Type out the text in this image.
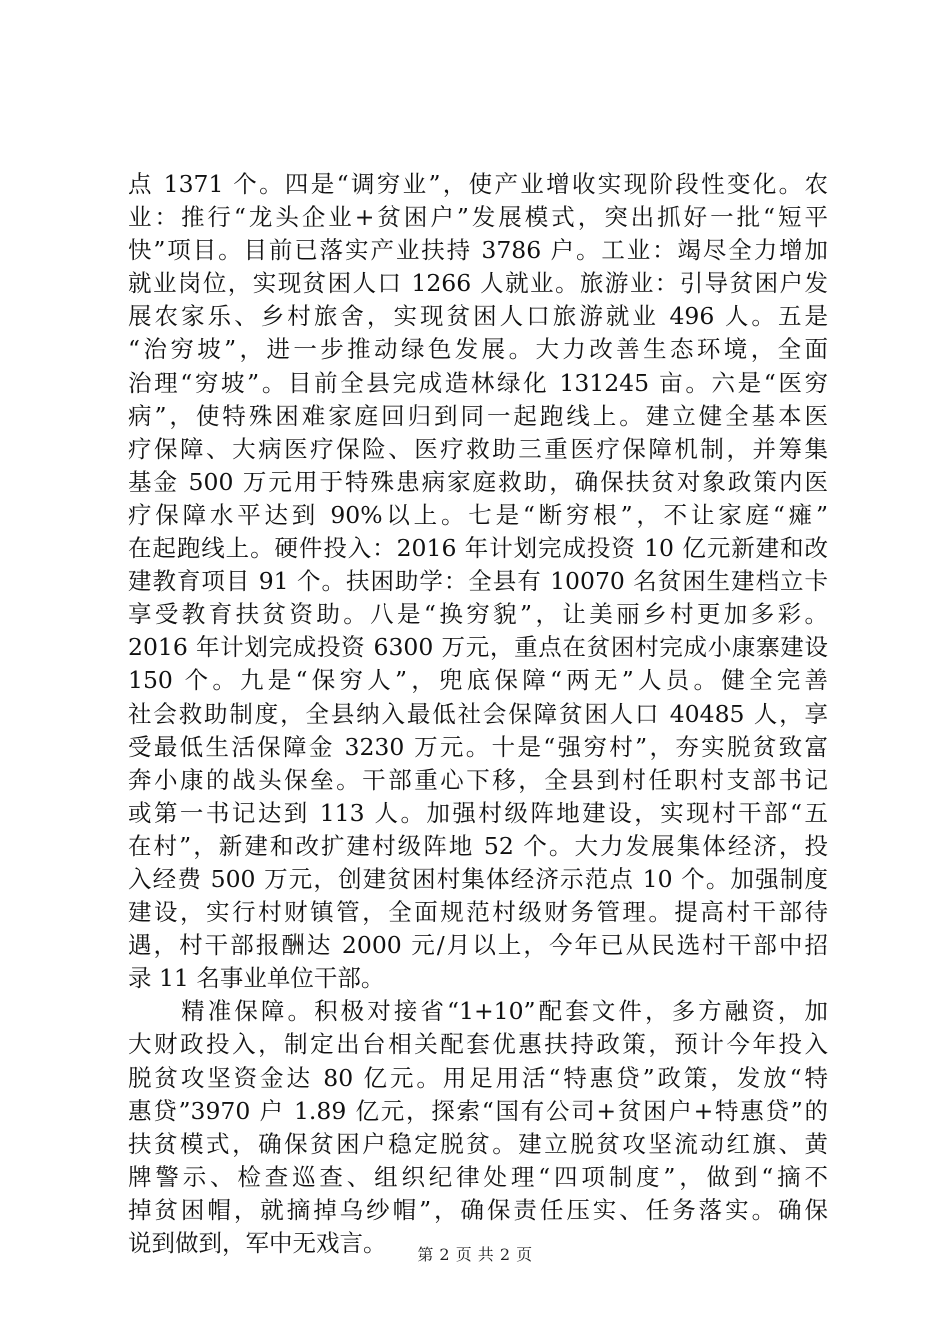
点 1371 个。四是“调穷业”，使产业增收实现阶段性变化。农
业：推行“龙头企业+贫困户”发展模式，突出抓好一批“短平
快”项目。目前已落实产业扶持 3786 户。工业：竭尽全力增加
就业岗位，实现贫困人口 1266 人就业。旅游业：引导贫困户发
展农家乐、乡村旅舍，实现贫困人口旅游就业 496 人。五是
“治穷坡”，进一步推动绿色发展。大力改善生态环境，全面
治理“穷坡”。目前全县完成造林绿化 131245 亩。六是“医穷
病”，使特殊困难家庭回归到同一起跑线上。建立健全基本医
疗保障、大病医疗保险、医疗救助三重医疗保障机制，并筹集
基金 500 万元用于特殊患病家庭救助，确保扶贫对象政策内医
疗保障水平达到 90%以上。七是“断穷根”，不让家庭“瘫”
在起跑线上。硬件投入：2016 年计划完成投资 10 亿元新建和改
建教育项目 91 个。扶困助学：全县有 10070 名贫困生建档立卡
享受教育扶贫资助。八是“换穷貌”，让美丽乡村更加多彩。
2016 年计划完成投资 6300 万元，重点在贫困村完成小康寨建设
150 个。九是“保穷人”，兜底保障“两无”人员。健全完善
社会救助制度，全县纳入最低社会保障贫困人口 40485 人，享
受最低生活保障金 3230 万元。十是“强穷村”，夯实脱贫致富
奔小康的战头保垒。干部重心下移，全县到村任职村支部书记
或第一书记达到 113 人。加强村级阵地建设，实现村干部“五
在村”，新建和改扩建村级阵地 52 个。大力发展集体经济，投
入经费 500 万元，创建贫困村集体经济示范点 10 个。加强制度
建设，实行村财镇管，全面规范村级财务管理。提高村干部待
遇，村干部报酬达 2000 元/月以上，今年已从民选村干部中招
录 11 名事业单位干部。
　　精准保障。积极对接省“1+10”配套文件，多方融资，加
大财政投入，制定出台相关配套优惠扶持政策，预计今年投入
脱贫攻坚资金达 80 亿元。用足用活“特惠贷”政策，发放“特
惠贷”3970 户 1.89 亿元，探索“国有公司+贫困户+特惠贷”的
扶贫模式，确保贫困户稳定脱贫。建立脱贫攻坚流动红旗、黄
牌警示、检查巡查、组织纪律处理“四项制度”，做到“摘不
掉贫困帽，就摘掉乌纱帽”，确保责任压实、任务落实。确保
说到做到，军中无戏言。	第 2 页 共 2 页
